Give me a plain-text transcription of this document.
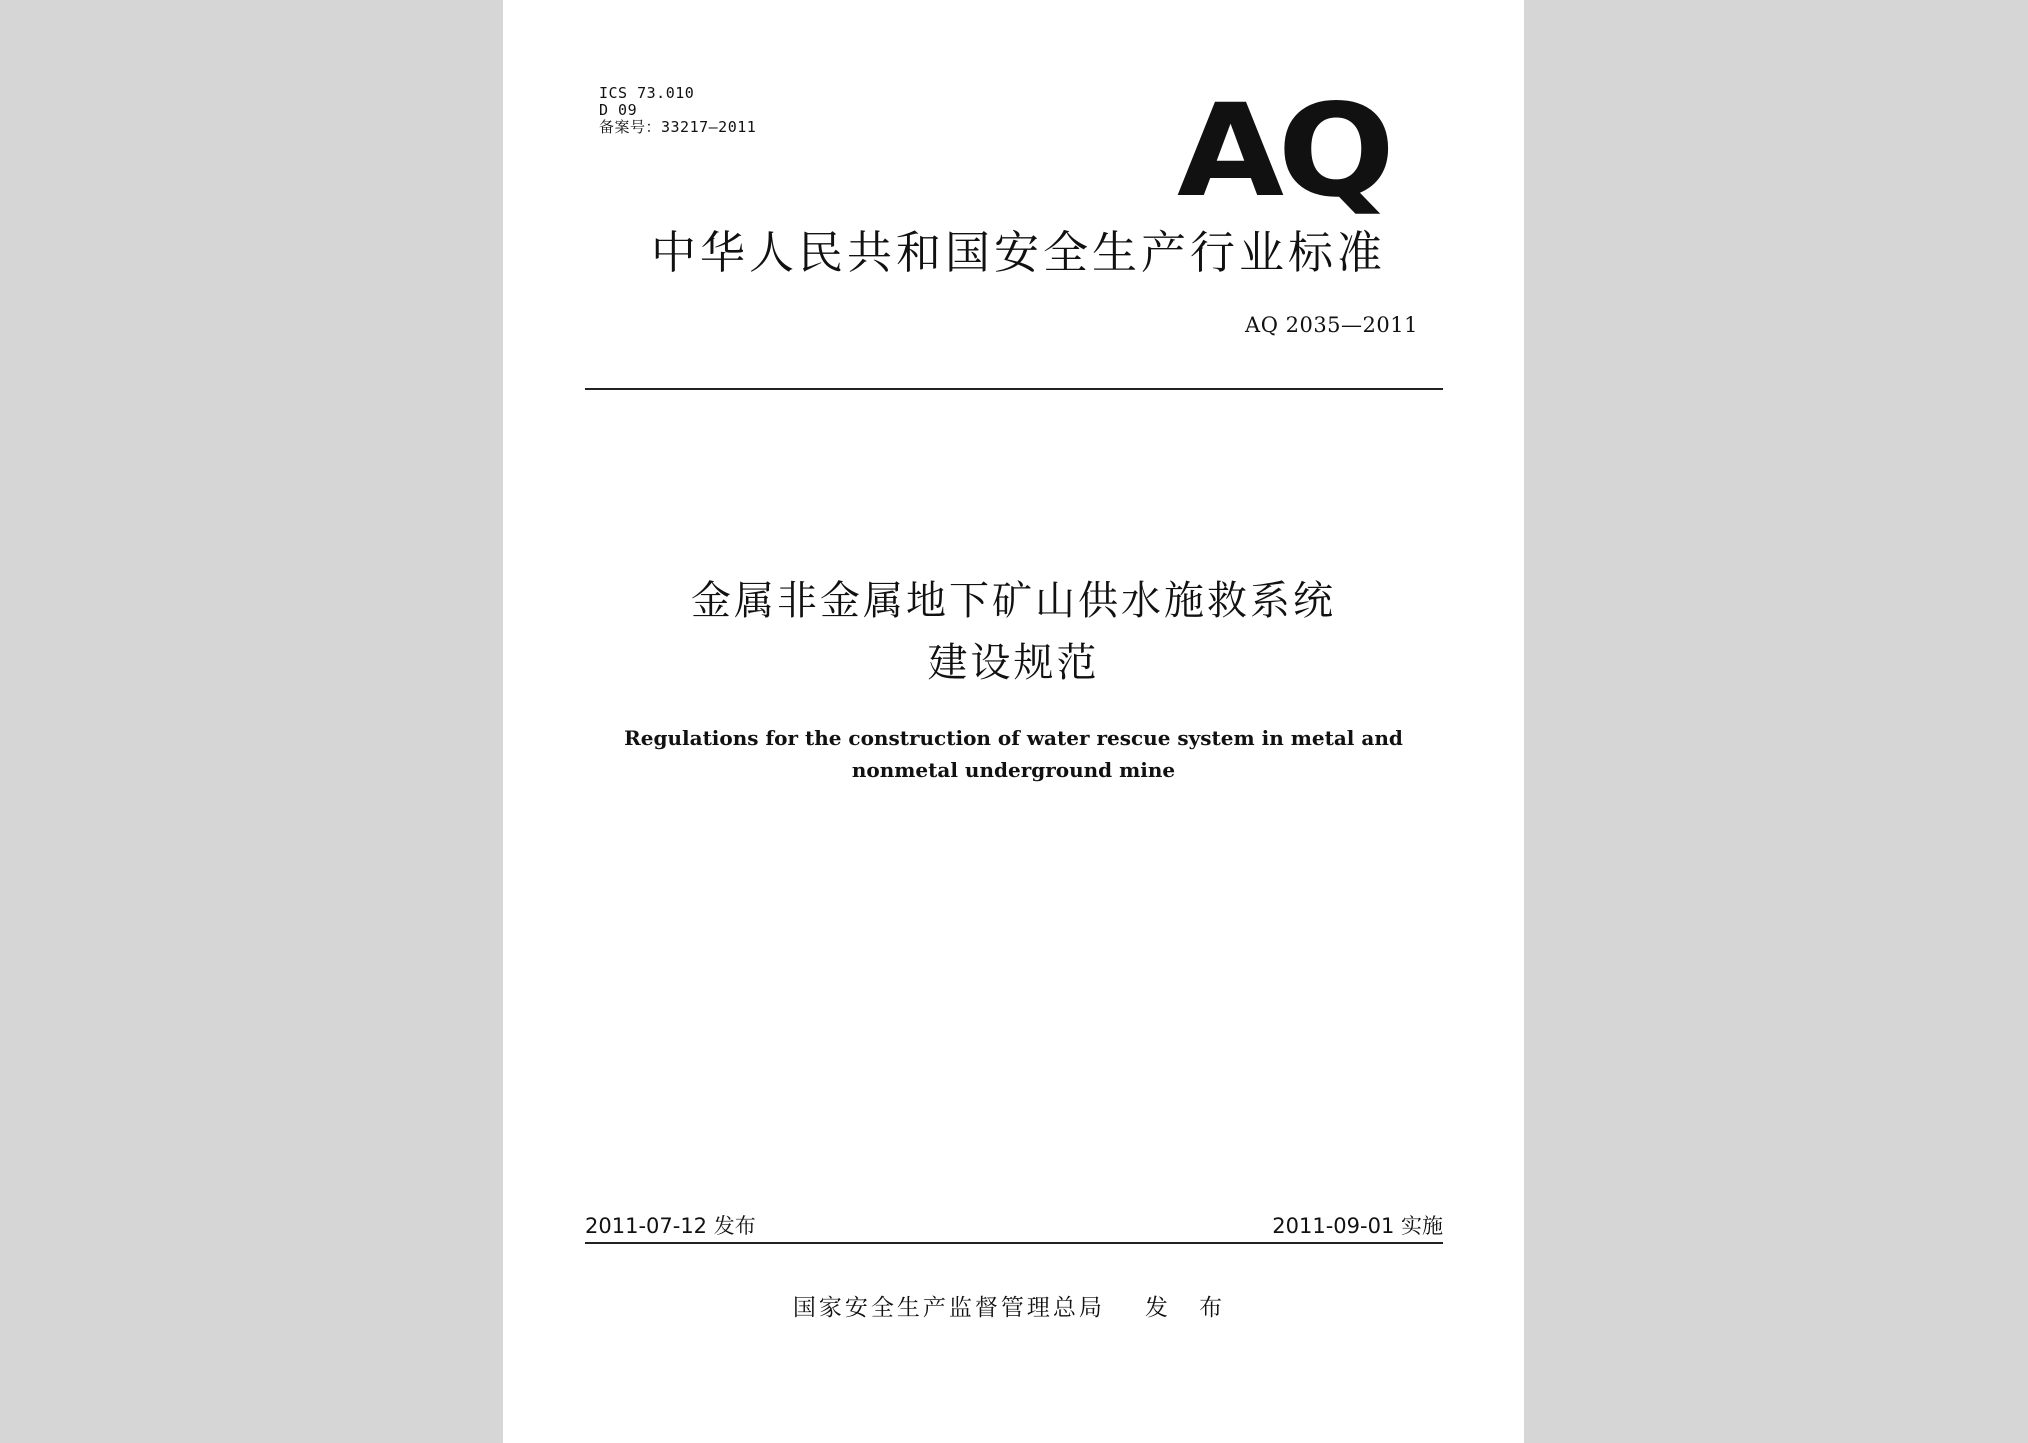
ICS 73.010
D 09
备案号：33217—2011	AQ
中华人民共和国安全生产行业标准
AQ 2035—2011
金属非金属地下矿山供水施救系统
建设规范
Regulations for the construction of water rescue system in metal and
nonmetal underground mine
2011-07-12 发布	2011-09-01 实施
国家安全生产监督管理总局 发 布
